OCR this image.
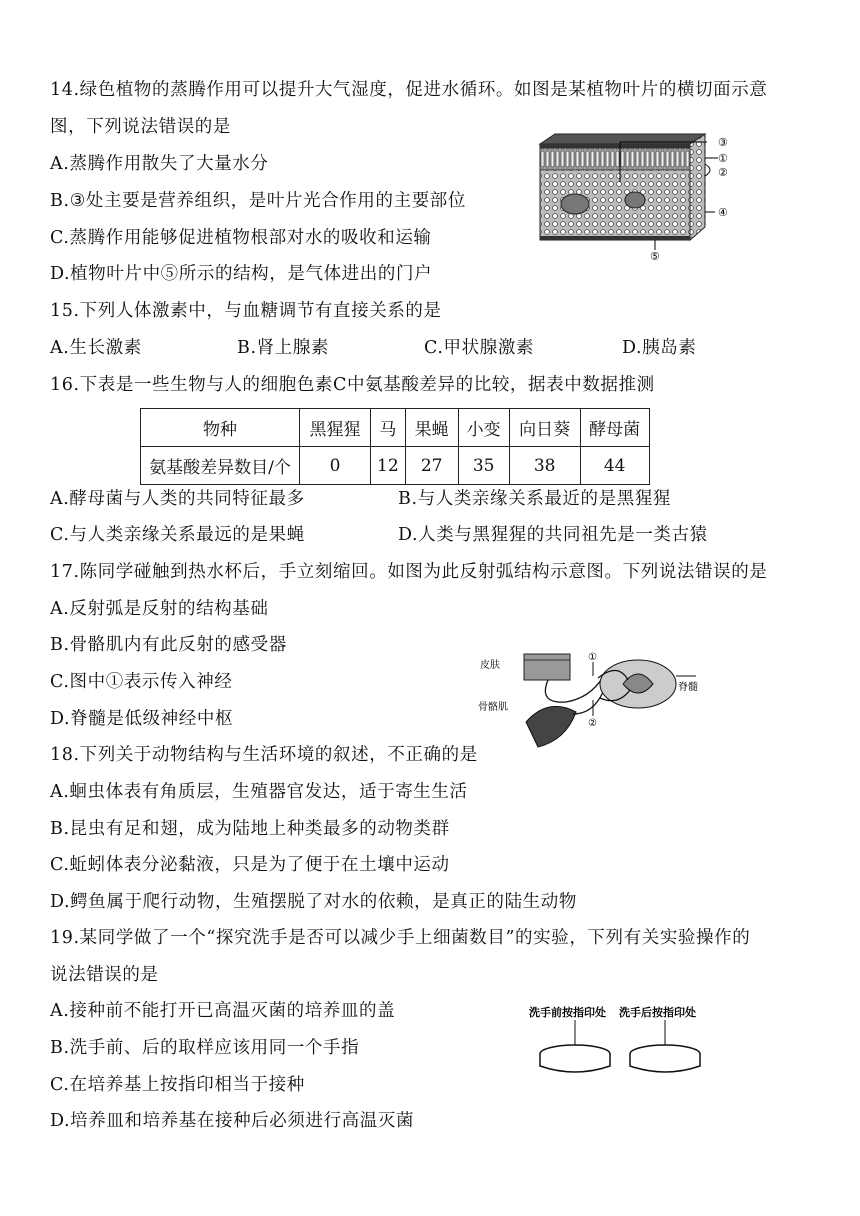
14.绿色植物的蒸腾作用可以提升大气湿度，促进水循环。如图是某植物叶片的横切面示意
图，下列说法错误的是
A.蒸腾作用散失了大量水分
B.③处主要是营养组织，是叶片光合作用的主要部位
C.蒸腾作用能够促进植物根部对水的吸收和运输
D.植物叶片中⑤所示的结构，是气体进出的门户
③
①
②
④
⑤
15.下列人体激素中，与血糖调节有直接关系的是
A.生长激素	B.肾上腺素	C.甲状腺激素	D.胰岛素
16.下表是一些生物与人的细胞色素C中氨基酸差异的比较，据表中数据推测
物种	黑猩猩	马	果蝇	小变	向日葵	酵母菌
氨基酸差异数目/个	0	12	27	35	38	44
A.酵母菌与人类的共同特征最多	B.与人类亲缘关系最近的是黑猩猩
C.与人类亲缘关系最远的是果蝇	D.人类与黑猩猩的共同祖先是一类古猿
17.陈同学碰触到热水杯后，手立刻缩回。如图为此反射弧结构示意图。下列说法错误的是
A.反射弧是反射的结构基础
B.骨骼肌内有此反射的感受器
C.图中①表示传入神经
D.脊髓是低级神经中枢
皮肤
骨骼肌
脊髓
①
②
18.下列关于动物结构与生活环境的叙述，不正确的是
A.蛔虫体表有角质层，生殖器官发达，适于寄生生活
B.昆虫有足和翅，成为陆地上种类最多的动物类群
C.蚯蚓体表分泌黏液，只是为了便于在土壤中运动
D.鳄鱼属于爬行动物，生殖摆脱了对水的依赖，是真正的陆生动物
19.某同学做了一个“探究洗手是否可以减少手上细菌数目”的实验，下列有关实验操作的
说法错误的是
A.接种前不能打开已高温灭菌的培养皿的盖
B.洗手前、后的取样应该用同一个手指
C.在培养基上按指印相当于接种
D.培养皿和培养基在接种后必须进行高温灭菌
洗手前按指印处 洗手后按指印处
